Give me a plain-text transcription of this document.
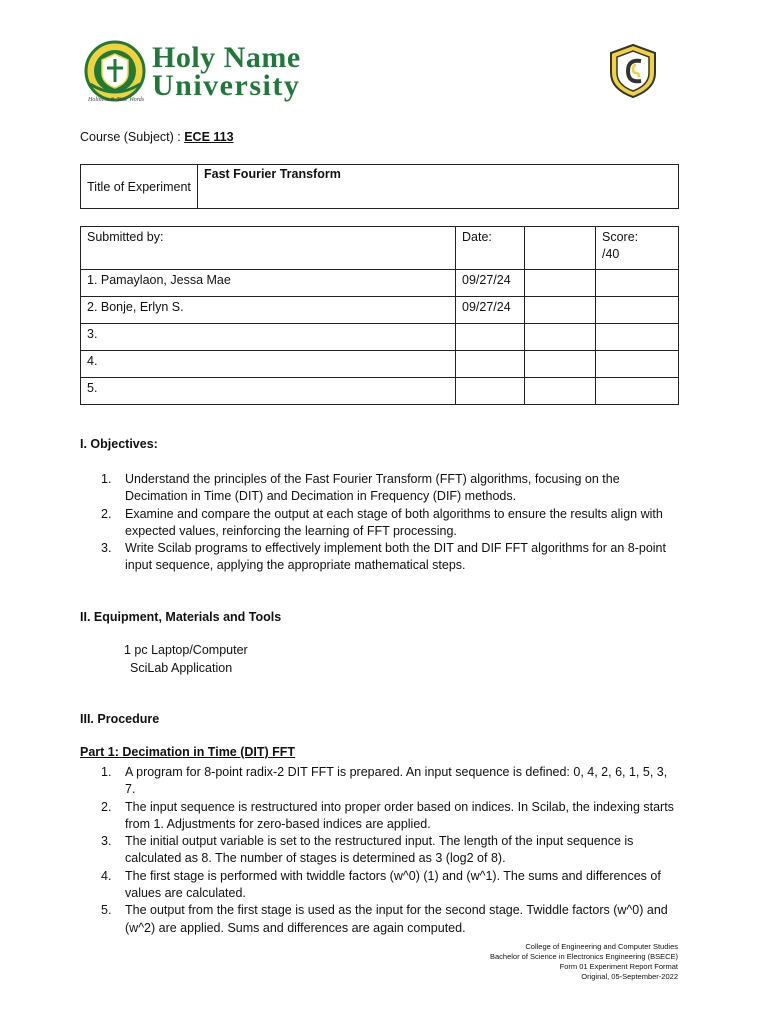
Holy Name
University
Holiness & True Words
Course (Subject) : ECE 113
Title of Experiment	Fast Fourier Transform
Submitted by:	Date:		Score:
/40

1. Pamaylaon, Jessa Mae	09/27/24		
2. Bonje, Erlyn S.	09/27/24		
3.			
4.			
5.			
I. Objectives:
1. Understand the principles of the Fast Fourier Transform (FFT) algorithms, focusing on the Decimation in Time (DIT) and Decimation in Frequency (DIF) methods.
2. Examine and compare the output at each stage of both algorithms to ensure the results align with expected values, reinforcing the learning of FFT processing.
3. Write Scilab programs to effectively implement both the DIT and DIF FFT algorithms for an 8-point input sequence, applying the appropriate mathematical steps.
II. Equipment, Materials and Tools
1 pc Laptop/Computer
SciLab Application
III. Procedure
Part 1: Decimation in Time (DIT) FFT
1. A program for 8-point radix-2 DIT FFT is prepared. An input sequence is defined: 0, 4, 2, 6, 1, 5, 3, 7.
2. The input sequence is restructured into proper order based on indices. In Scilab, the indexing starts from 1. Adjustments for zero-based indices are applied.
3. The initial output variable is set to the restructured input. The length of the input sequence is calculated as 8. The number of stages is determined as 3 (log2 of 8).
4. The first stage is performed with twiddle factors (w^0) (1) and (w^1). The sums and differences of values are calculated.
5. The output from the first stage is used as the input for the second stage. Twiddle factors (w^0) and (w^2) are applied. Sums and differences are again computed.
College of Engineering and Computer Studies
Bachelor of Science in Electronics Engineering (BSECE)
Form 01 Experiment Report Format
Original, 05-September-2022
